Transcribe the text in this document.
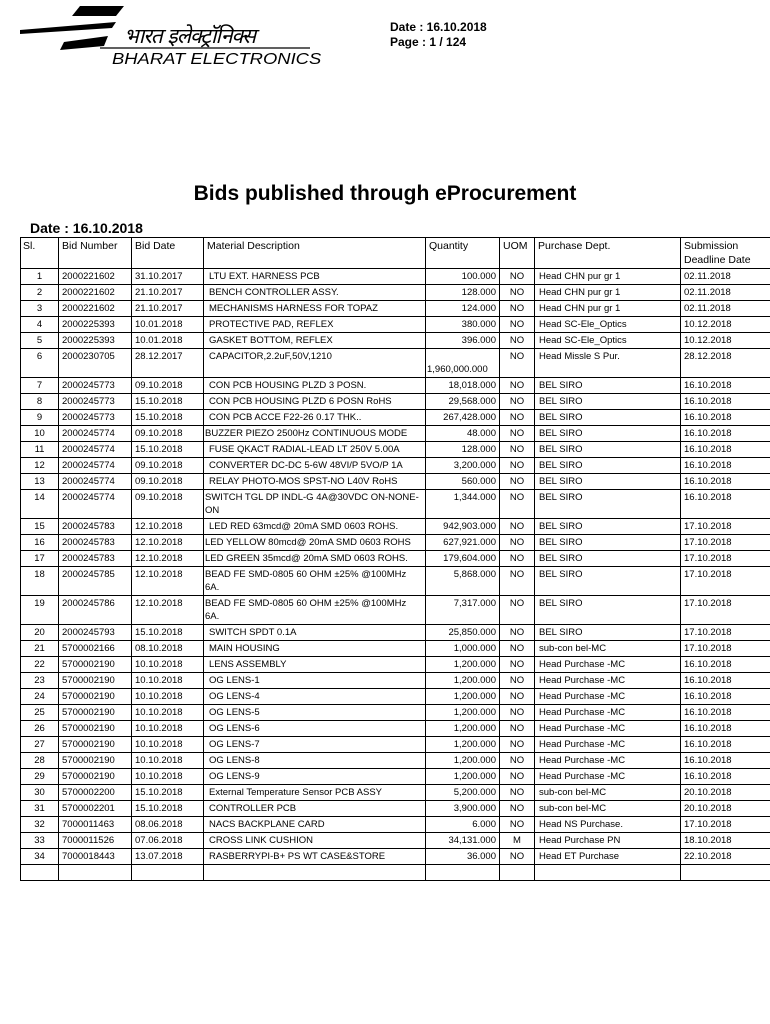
भारत इलेक्ट्रॉनिक्स
BHARAT ELECTRONICS
Date : 16.10.2018
Page : 1 / 124
Bids published through eProcurement
Date : 16.10.2018
Sl.	Bid Number	Bid Date	Material Description	Quantity	UOM	Purchase Dept.	Submission Deadline Date
1	2000221602	31.10.2017	LTU EXT. HARNESS PCB	100.000	NO	Head CHN pur gr 1	02.11.2018
2	2000221602	21.10.2017	BENCH CONTROLLER ASSY.	128.000	NO	Head CHN pur gr 1	02.11.2018
3	2000221602	21.10.2017	MECHANISMS HARNESS FOR TOPAZ	124.000	NO	Head CHN pur gr 1	02.11.2018
4	2000225393	10.01.2018	PROTECTIVE PAD, REFLEX	380.000	NO	Head SC-Ele_Optics	10.12.2018
5	2000225393	10.01.2018	GASKET BOTTOM, REFLEX	396.000	NO	Head SC-Ele_Optics	10.12.2018
6	2000230705	28.12.2017	CAPACITOR,2.2uF,50V,1210	1,960,000.000	NO	Head Missle S Pur.	28.12.2018
7	2000245773	09.10.2018	CON PCB HOUSING PLZD 3 POSN.	18,018.000	NO	BEL SIRO	16.10.2018
8	2000245773	15.10.2018	CON PCB HOUSING PLZD 6 POSN RoHS	29,568.000	NO	BEL SIRO	16.10.2018
9	2000245773	15.10.2018	CON PCB ACCE F22-26 0.17 THK..	267,428.000	NO	BEL SIRO	16.10.2018
10	2000245774	09.10.2018	BUZZER PIEZO 2500Hz CONTINUOUS MODE	48.000	NO	BEL SIRO	16.10.2018
11	2000245774	15.10.2018	FUSE QKACT RADIAL-LEAD LT 250V 5.00A	128.000	NO	BEL SIRO	16.10.2018
12	2000245774	09.10.2018	CONVERTER DC-DC 5-6W 48VI/P 5VO/P 1A	3,200.000	NO	BEL SIRO	16.10.2018
13	2000245774	09.10.2018	RELAY PHOTO-MOS SPST-NO L40V RoHS	560.000	NO	BEL SIRO	16.10.2018
14	2000245774	09.10.2018	SWITCH TGL DP INDL-G 4A@30VDC ON-NONE-ON	1,344.000	NO	BEL SIRO	16.10.2018
15	2000245783	12.10.2018	LED RED 63mcd@ 20mA SMD 0603 ROHS.	942,903.000	NO	BEL SIRO	17.10.2018
16	2000245783	12.10.2018	LED YELLOW 80mcd@ 20mA SMD 0603 ROHS	627,921.000	NO	BEL SIRO	17.10.2018
17	2000245783	12.10.2018	LED GREEN 35mcd@ 20mA SMD 0603 ROHS.	179,604.000	NO	BEL SIRO	17.10.2018
18	2000245785	12.10.2018	BEAD FE SMD-0805 60 OHM ±25% @100MHz 6A.	5,868.000	NO	BEL SIRO	17.10.2018
19	2000245786	12.10.2018	BEAD FE SMD-0805 60 OHM ±25% @100MHz 6A.	7,317.000	NO	BEL SIRO	17.10.2018
20	2000245793	15.10.2018	SWITCH SPDT 0.1A	25,850.000	NO	BEL SIRO	17.10.2018
21	5700002166	08.10.2018	MAIN HOUSING	1,000.000	NO	sub-con bel-MC	17.10.2018
22	5700002190	10.10.2018	LENS ASSEMBLY	1,200.000	NO	Head Purchase -MC	16.10.2018
23	5700002190	10.10.2018	OG LENS-1	1,200.000	NO	Head Purchase -MC	16.10.2018
24	5700002190	10.10.2018	OG LENS-4	1,200.000	NO	Head Purchase -MC	16.10.2018
25	5700002190	10.10.2018	OG LENS-5	1,200.000	NO	Head Purchase -MC	16.10.2018
26	5700002190	10.10.2018	OG LENS-6	1,200.000	NO	Head Purchase -MC	16.10.2018
27	5700002190	10.10.2018	OG LENS-7	1,200.000	NO	Head Purchase -MC	16.10.2018
28	5700002190	10.10.2018	OG LENS-8	1,200.000	NO	Head Purchase -MC	16.10.2018
29	5700002190	10.10.2018	OG LENS-9	1,200.000	NO	Head Purchase -MC	16.10.2018
30	5700002200	15.10.2018	External Temperature Sensor PCB ASSY	5,200.000	NO	sub-con bel-MC	20.10.2018
31	5700002201	15.10.2018	CONTROLLER PCB	3,900.000	NO	sub-con bel-MC	20.10.2018
32	7000011463	08.06.2018	NACS BACKPLANE CARD	6.000	NO	Head NS Purchase.	17.10.2018
33	7000011526	07.06.2018	CROSS LINK CUSHION	34,131.000	M	Head Purchase PN	18.10.2018
34	7000018443	13.07.2018	RASBERRYPI-B+ PS WT CASE&STORE	36.000	NO	Head ET Purchase	22.10.2018
